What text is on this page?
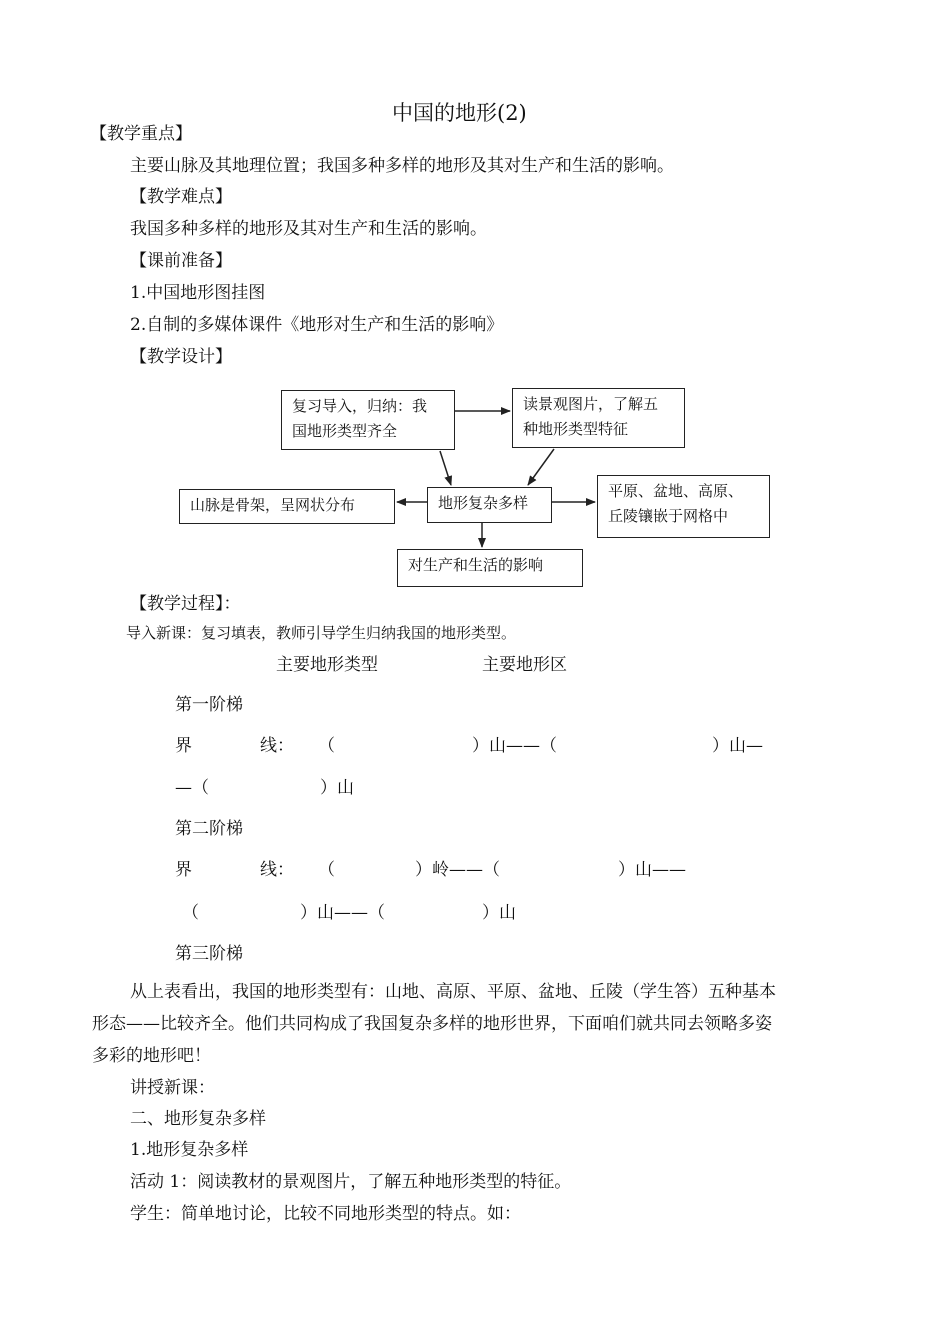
中国的地形(2)
【教学重点】
主要山脉及其地理位置；我国多种多样的地形及其对生产和生活的影响。
【教学难点】
我国多种多样的地形及其对生产和生活的影响。
【课前准备】
1.中国地形图挂图
2.自制的多媒体课件《地形对生产和生活的影响》
【教学设计】
复习导入，归纳：我
国地形类型齐全
读景观图片，了解五
种地形类型特征
山脉是骨架，呈网状分布	地形复杂多样
平原、盆地、高原、
丘陵镶嵌于网格中
对生产和生活的影响
【教学过程】：
导入新课：复习填表，教师引导学生归纳我国的地形类型。
主要地形类型	主要地形区
第一阶梯
界	线： （	）山——（	）山—
—（	）山
第二阶梯
界	线： （	）岭——（	）山——
（	）山——（	）山
第三阶梯
从上表看出，我国的地形类型有：山地、高原、平原、盆地、丘陵（学生答）五种基本
形态——比较齐全。他们共同构成了我国复杂多样的地形世界，下面咱们就共同去领略多姿
多彩的地形吧！
讲授新课：
二、地形复杂多样
1.地形复杂多样
活动 1：阅读教材的景观图片，了解五种地形类型的特征。
学生：简单地讨论，比较不同地形类型的特点。如：
